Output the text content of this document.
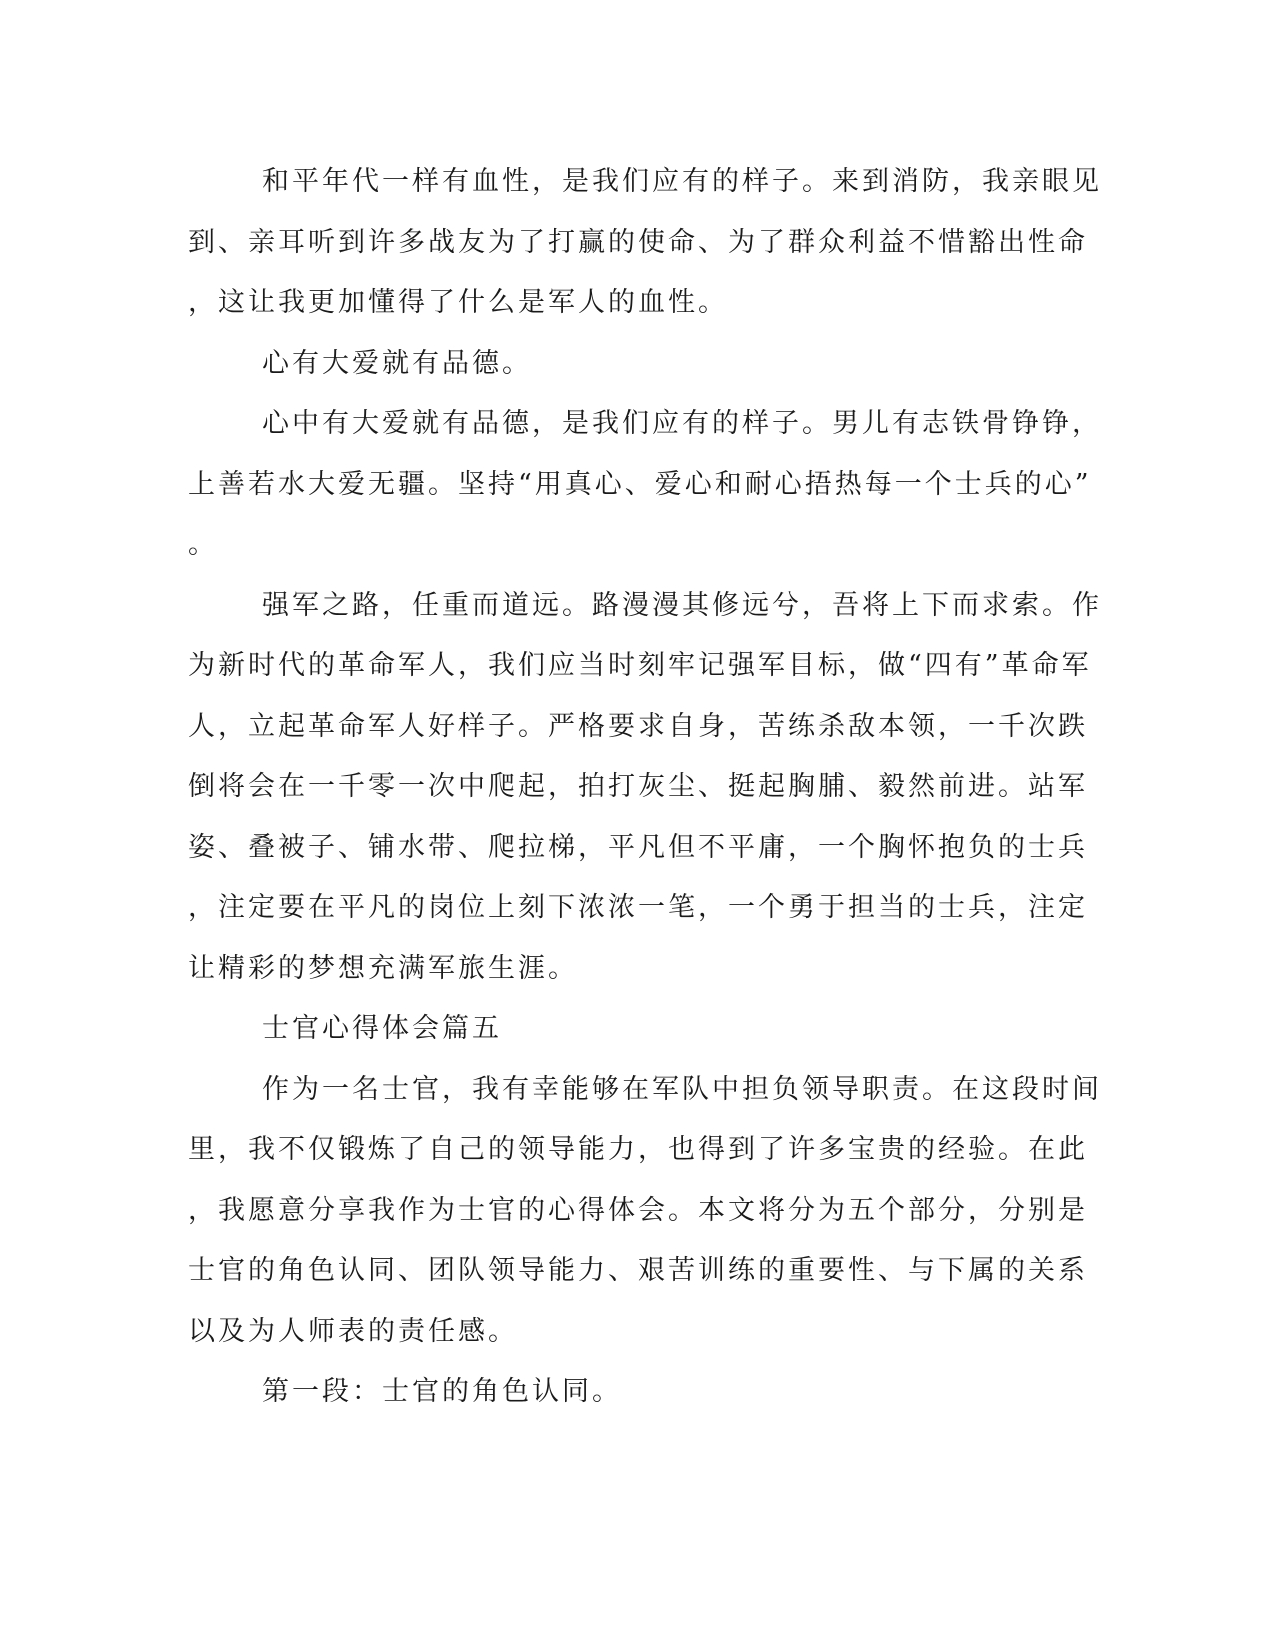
和平年代一样有血性，是我们应有的样子。来到消防，我亲眼见
到、亲耳听到许多战友为了打赢的使命、为了群众利益不惜豁出性命
，这让我更加懂得了什么是军人的血性。
心有大爱就有品德。
心中有大爱就有品德，是我们应有的样子。男儿有志铁骨铮铮，
上善若水大爱无疆。坚持“用真心、爱心和耐心捂热每一个士兵的心”
。
强军之路，任重而道远。路漫漫其修远兮，吾将上下而求索。作
为新时代的革命军人，我们应当时刻牢记强军目标，做“四有”革命军
人，立起革命军人好样子。严格要求自身，苦练杀敌本领，一千次跌
倒将会在一千零一次中爬起，拍打灰尘、挺起胸脯、毅然前进。站军
姿、叠被子、铺水带、爬拉梯，平凡但不平庸，一个胸怀抱负的士兵
，注定要在平凡的岗位上刻下浓浓一笔，一个勇于担当的士兵，注定
让精彩的梦想充满军旅生涯。
士官心得体会篇五
作为一名士官，我有幸能够在军队中担负领导职责。在这段时间
里，我不仅锻炼了自己的领导能力，也得到了许多宝贵的经验。在此
，我愿意分享我作为士官的心得体会。本文将分为五个部分，分别是
士官的角色认同、团队领导能力、艰苦训练的重要性、与下属的关系
以及为人师表的责任感。
第一段：士官的角色认同。
